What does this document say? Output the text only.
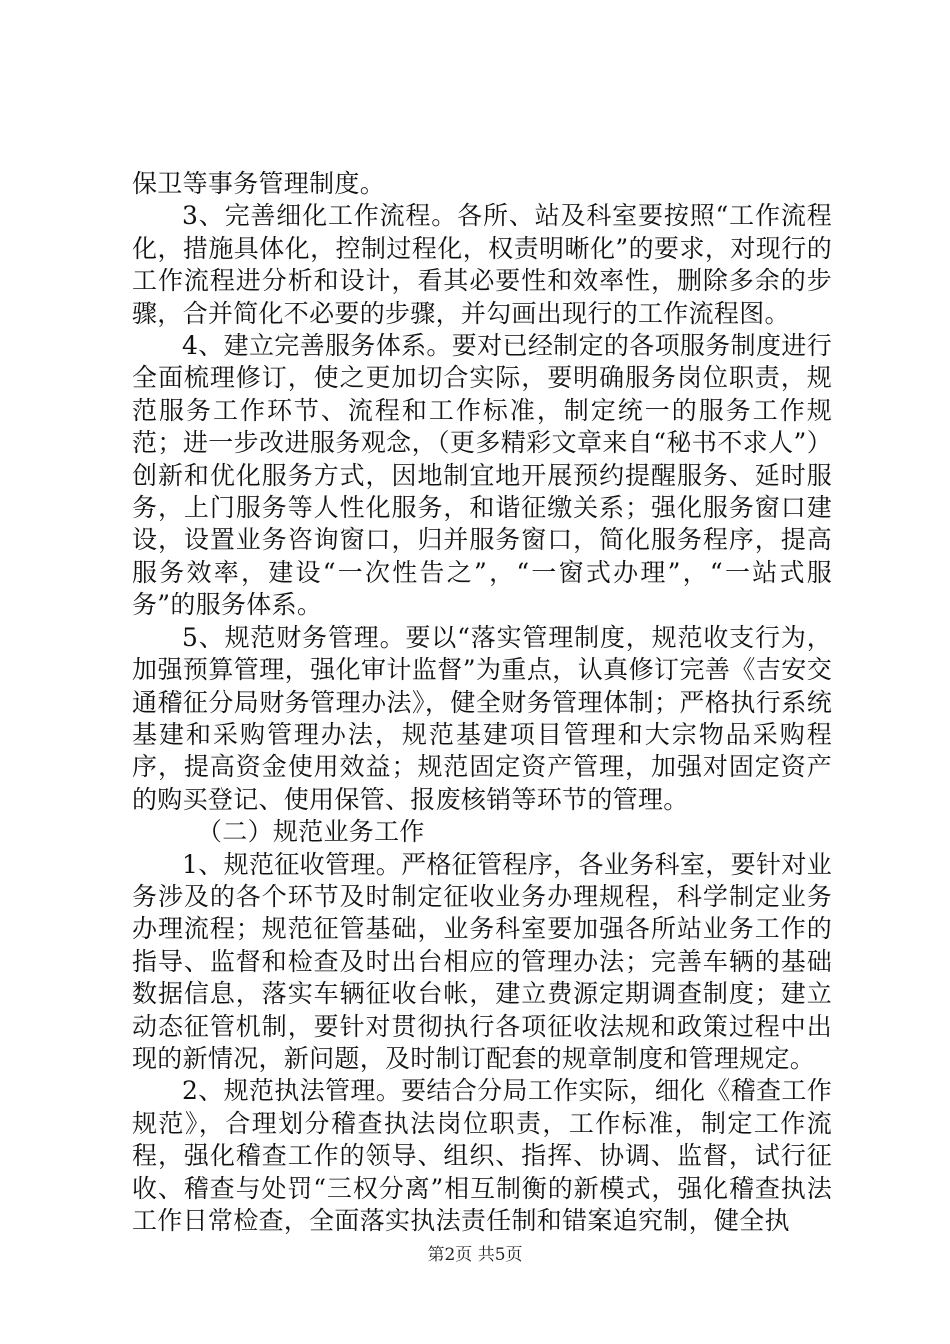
保卫等事务管理制度。

3、完善细化工作流程。各所、站及科室要按照“工作流程化，措施具体化，控制过程化，权责明晰化”的要求，对现行的工作流程进分析和设计，看其必要性和效率性，删除多余的步骤，合并简化不必要的步骤，并勾画出现行的工作流程图。

4、建立完善服务体系。要对已经制定的各项服务制度进行全面梳理修订，使之更加切合实际，要明确服务岗位职责，规范服务工作环节、流程和工作标准，制定统一的服务工作规范；进一步改进服务观念，（更多精彩文章来自“秘书不求人”）创新和优化服务方式，因地制宜地开展预约提醒服务、延时服务，上门服务等人性化服务，和谐征缴关系；强化服务窗口建设，设置业务咨询窗口，归并服务窗口，简化服务程序，提高服务效率，建设“一次性告之”，“一窗式办理”，“一站式服务”的服务体系。

5、规范财务管理。要以“落实管理制度，规范收支行为，加强预算管理，强化审计监督”为重点，认真修订完善《吉安交通稽征分局财务管理办法》，健全财务管理体制；严格执行系统基建和采购管理办法，规范基建项目管理和大宗物品采购程序，提高资金使用效益；规范固定资产管理，加强对固定资产的购买登记、使用保管、报废核销等环节的管理。

（二）规范业务工作

1、规范征收管理。严格征管程序，各业务科室，要针对业务涉及的各个环节及时制定征收业务办理规程，科学制定业务办理流程；规范征管基础，业务科室要加强各所站业务工作的指导、监督和检查及时出台相应的管理办法；完善车辆的基础数据信息，落实车辆征收台帐，建立费源定期调查制度；建立动态征管机制，要针对贯彻执行各项征收法规和政策过程中出现的新情况，新问题，及时制订配套的规章制度和管理规定。

2、规范执法管理。要结合分局工作实际，细化《稽查工作规范》，合理划分稽查执法岗位职责，工作标准，制定工作流程，强化稽查工作的领导、组织、指挥、协调、监督，试行征收、稽查与处罚“三权分离”相互制衡的新模式，强化稽查执法工作日常检查，全面落实执法责任制和错案追究制，健全执

第2页 共5页
